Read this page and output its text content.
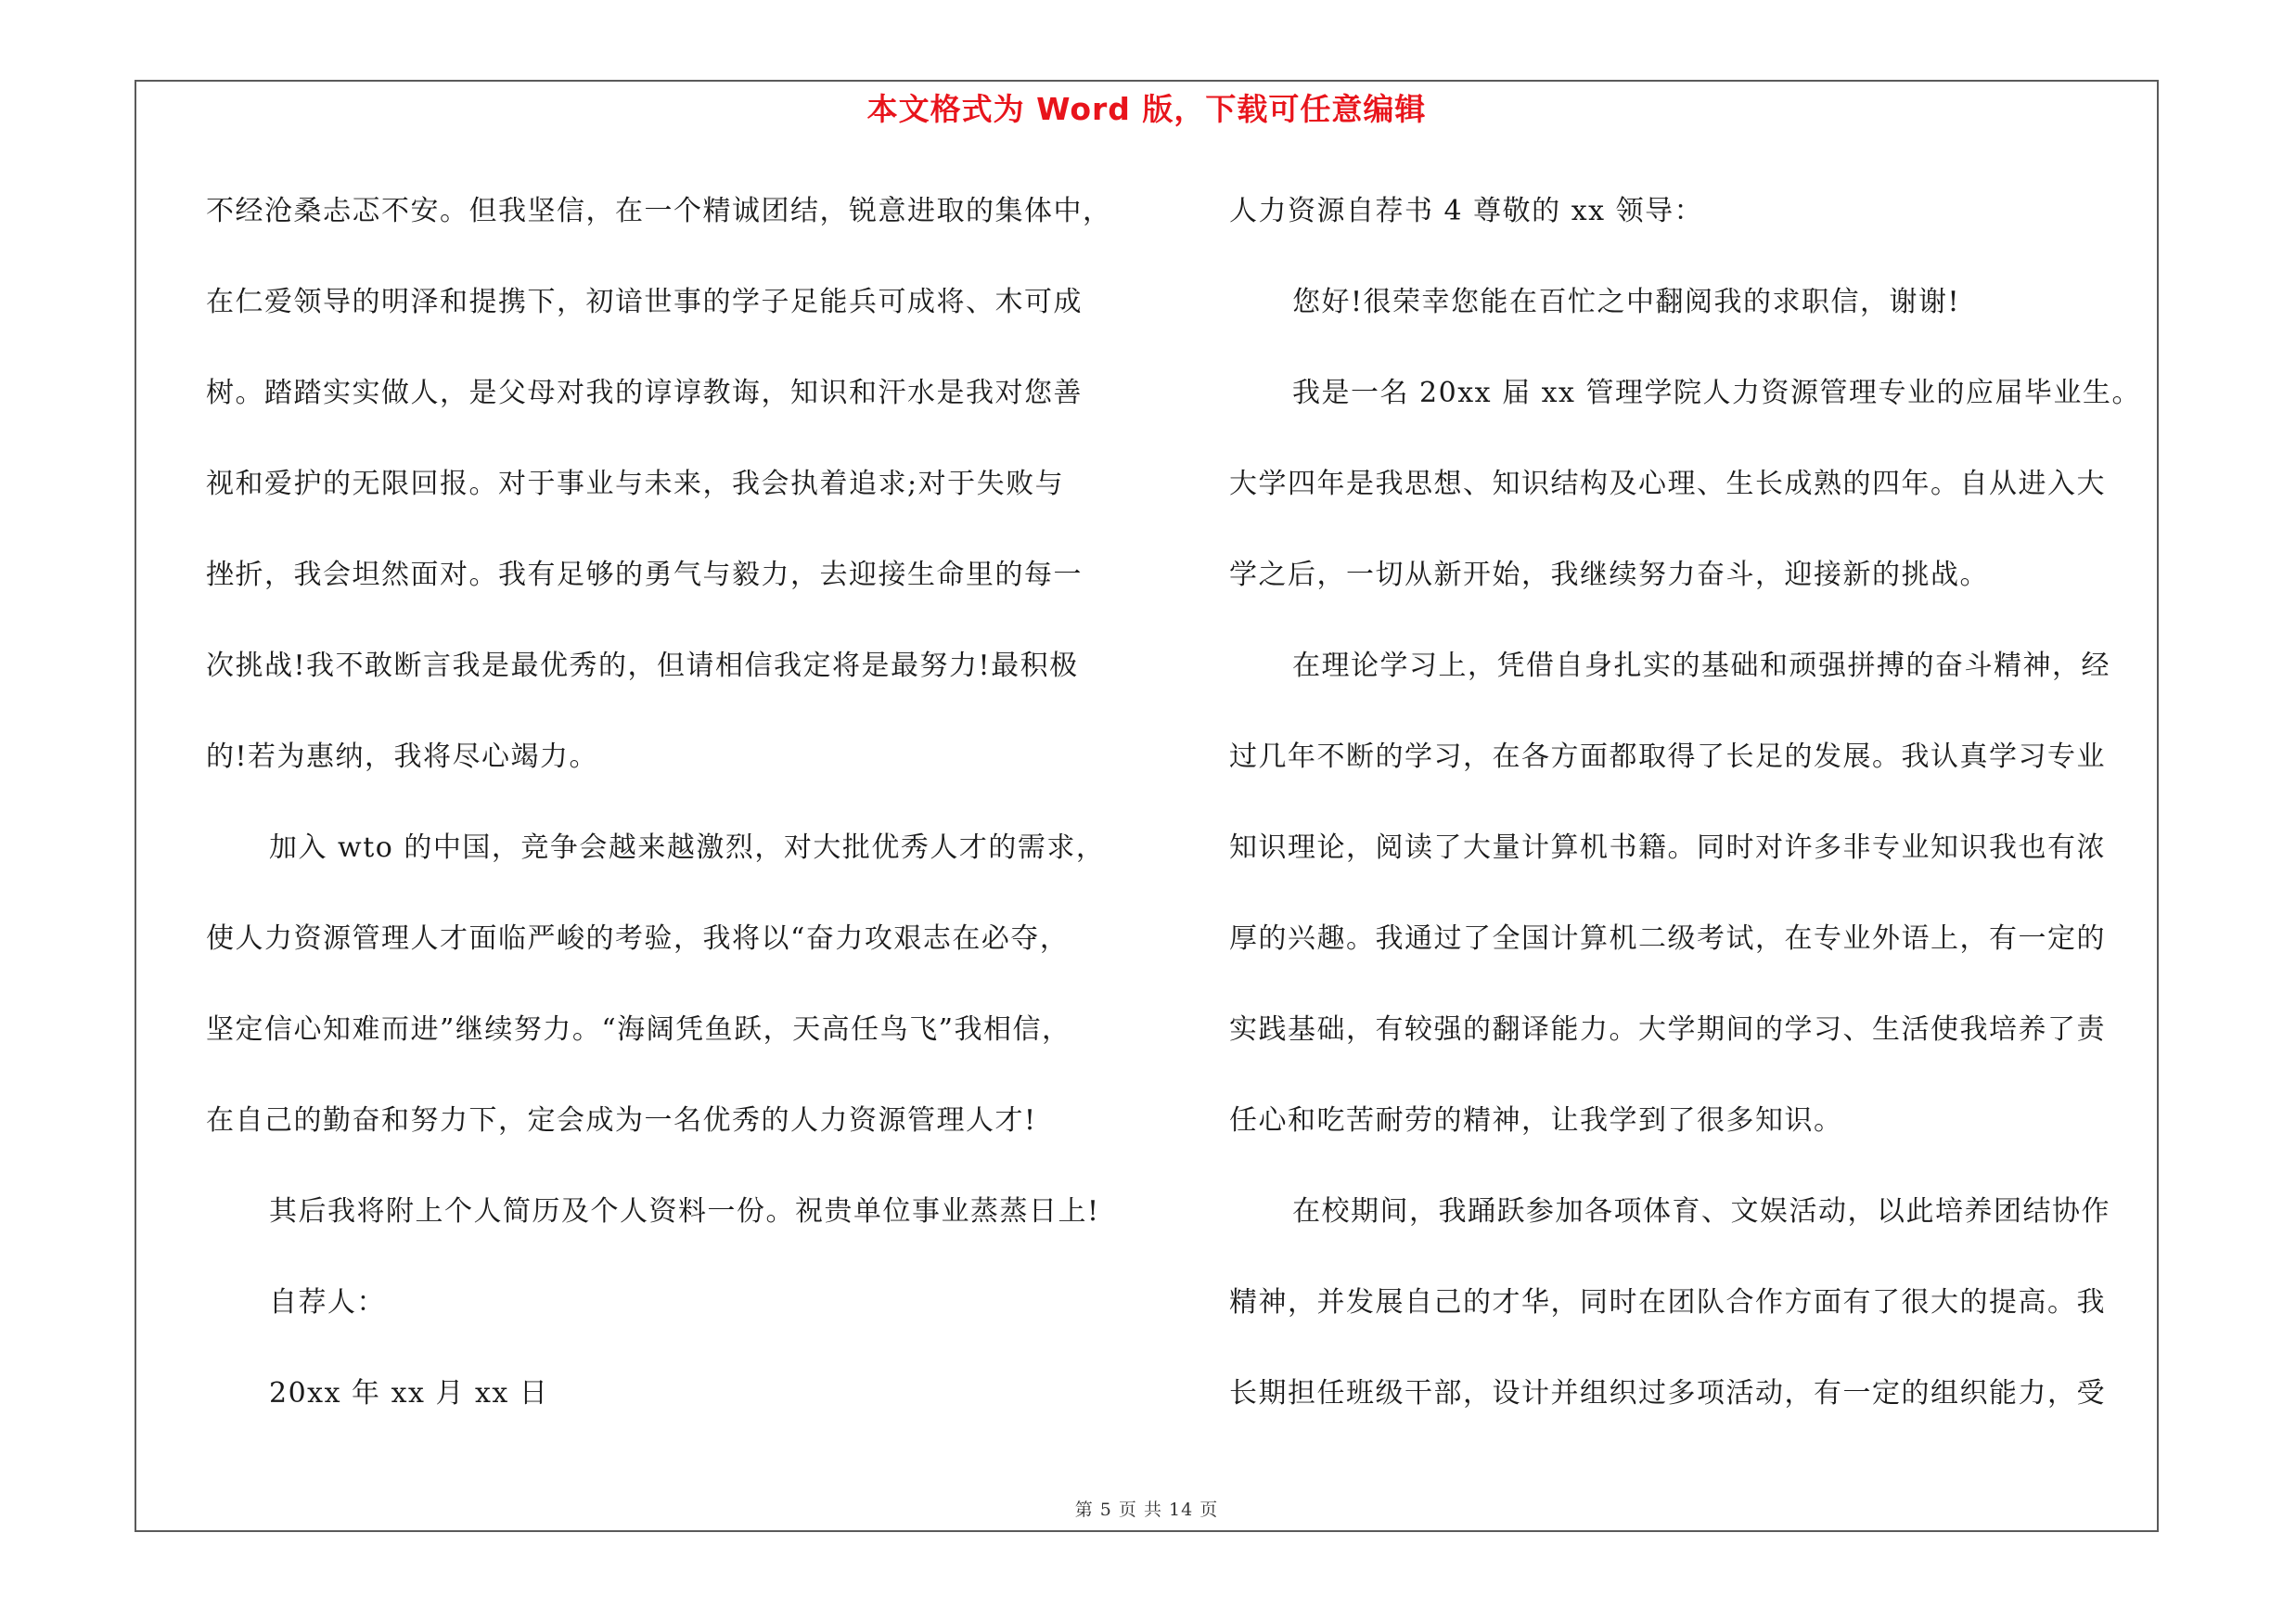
本文格式为 Word 版，下载可任意编辑
不经沧桑忐忑不安。但我坚信，在一个精诚团结，锐意进取的集体中，
在仁爱领导的明泽和提携下，初谙世事的学子足能兵可成将、木可成
树。踏踏实实做人，是父母对我的谆谆教诲，知识和汗水是我对您善
视和爱护的无限回报。对于事业与未来，我会执着追求;对于失败与
挫折，我会坦然面对。我有足够的勇气与毅力，去迎接生命里的每一
次挑战!我不敢断言我是最优秀的，但请相信我定将是最努力!最积极
的!若为惠纳，我将尽心竭力。
加入 wto 的中国，竞争会越来越激烈，对大批优秀人才的需求，
使人力资源管理人才面临严峻的考验，我将以“奋力攻艰志在必夺，
坚定信心知难而进”继续努力。“海阔凭鱼跃，天高任鸟飞”我相信，
在自己的勤奋和努力下，定会成为一名优秀的人力资源管理人才!
其后我将附上个人简历及个人资料一份。祝贵单位事业蒸蒸日上!
自荐人：
20xx 年 xx 月 xx 日
人力资源自荐书 4 尊敬的 xx 领导：
您好!很荣幸您能在百忙之中翻阅我的求职信，谢谢!
我是一名 20xx 届 xx 管理学院人力资源管理专业的应届毕业生。
大学四年是我思想、知识结构及心理、生长成熟的四年。自从进入大
学之后，一切从新开始，我继续努力奋斗，迎接新的挑战。
在理论学习上，凭借自身扎实的基础和顽强拼搏的奋斗精神，经
过几年不断的学习，在各方面都取得了长足的发展。我认真学习专业
知识理论，阅读了大量计算机书籍。同时对许多非专业知识我也有浓
厚的兴趣。我通过了全国计算机二级考试，在专业外语上，有一定的
实践基础，有较强的翻译能力。大学期间的学习、生活使我培养了责
任心和吃苦耐劳的精神，让我学到了很多知识。
在校期间，我踊跃参加各项体育、文娱活动，以此培养团结协作
精神，并发展自己的才华，同时在团队合作方面有了很大的提高。我
长期担任班级干部，设计并组织过多项活动，有一定的组织能力，受
第 5 页 共 14 页
